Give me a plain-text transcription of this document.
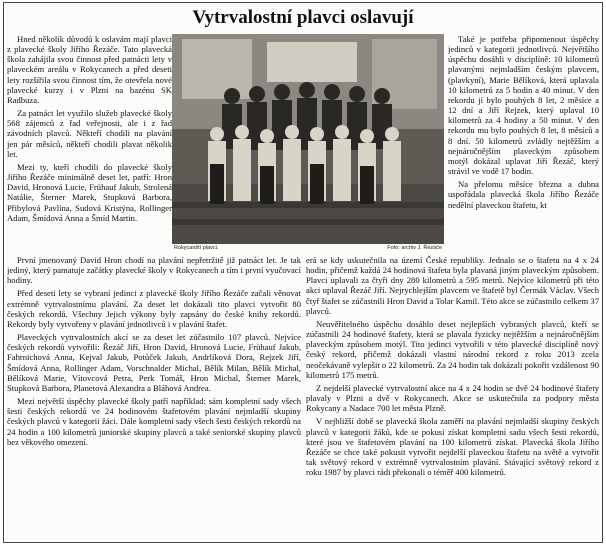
Vytrvalostní plavci oslavují

Hned několik důvodů k oslavám mají plavci z plavecké školy Jiřího Řezáče. Tato plavecká škola zahájila svou činnost před patnácti lety v plaveckém areálu v Rokycanech a před deseti lety rozšířila svou činnost tím, že otevřela nové plavecké kurzy i v Plzni na bazénu SK Radbuza.

Za patnáct let využilo služeb plavecké školy 568 zájemců z řad veřejnosti, ale i z řad závodních plavců. Někteří chodili na plavání jen pár měsíců, někteří chodili plavat několik let.

Mezi ty, kteří chodili do plavecké školy Jiřího Řezáče minimálně deset let, patří: Hron David, Hronová Lucie, Frühauf Jakub, Strolená Natálie, Šterner Marek, Stupková Barbora, Přibylová Pavlína, Sudová Kristýna, Rollinger Adam, Šmídová Anna a Šmíd Martin.

Rokycanští plavci.	Foto: archiv J. Řezáče

Také je potřeba připomenout úspěchy jedinců v kategorii jednotlivců. Největšího úspěchu dosáhli v disciplíně: 10 kilometrů plavanými nejmladším českým plavcem, (plavkyní), Marie Bělíková, která uplavala 10 kilometrů za 5 hodin a 40 minut. V den rekordu jí bylo pouhých 8 let, 2 měsíce a 12 dní a Jiří Rejzek, který uplaval 10 kilometrů za 4 hodiny a 50 minut. V den rekordu mu bylo pouhých 8 let, 8 měsíců a 8 dní. 50 kilometrů zvládly nejtěžším a nejnáročnějším plaveckým způsobem motýl dokázal uplavat Jiří Řezáč, který strávil ve vodě 17 hodin.

Na přelomu měsíce března a dubna uspořádala plavecká škola Jiřího Řezáče nedělní plaveckou štafetu, kt

První jmenovaný David Hron chodí na plavání nepřetržitě již patnáct let. Je tak jediný, který pamatuje začátky plavecké školy v Rokycanech a tím i první vyučovací hodiny.

Před deseti lety se vybraní jedinci z plavecké školy Jiřího Řezáče začali věnovat extrémně vytrvalostnímu plavání. Za deset let dokázali tito plavci vytvořit 80 českých rekordů. Všechny Jejich výkony byly zapsány do české knihy rekordů. Rekordy byly vytvořeny v plavání jednotlivců i v plavání štafet.

Plaveckých vytrvalostních akcí se za deset let zúčastnilo 107 plavců. Nejvíce českých rekordů vytvořili: Řezáč Jiří, Hron David, Hronová Lucie, Frühauf Jakub, Fahrnichová Anna, Kejval Jakub, Potůček Jakub, Andrlíková Dora, Rejzek Jiří, Šmídová Anna, Rollinger Adam, Vorschnalder Michal, Bělík Milan, Bělík Michal, Bělíková Marie, Vítovcová Petra, Perk Tomáš, Hron Michal, Šterner Marek, Stupková Barbora, Planetová Alexandra a Bláhová Andrea.

Mezi největší úspěchy plavecké školy patří například: sám kompletní sady všech šesti českých rekordů ve 24 hodinovém štafetovém plavání nejmladší skupiny českých plavců v kategorii žáci. Dále kompletní sady všech šesti českých rekordů na 24 hodin a 100 kilometrů juniorské skupiny plavců a také seniorské skupiny plavců bez věkového omezení.

erá se kdy uskutečnila na území České republiky. Jednalo se o štafetu na 4 x 24 hodin, přičemž každá 24 hodinová štafeta byla plavaná jiným plaveckým způsobem. Plavci uplavali za čtyři dny 280 kilometrů a 595 metrů. Nejvíce kilometrů při této akci uplaval Řezáč Jiří. Nejrychlejším plavcem ve štafetě byl Čermák Václav. Všech čtyř štafet se zúčastnili Hron David a Tolar Kamil. Této akce se zúčastnilo celkem 37 plavců.

Neuvěřitelného úspěchu dosáhlo deset nejlepších vybraných plavců, kteří se zúčastnili 24 hodinové štafety, která se plavala fyzicky nejtěžším a nejnáročnějším plaveckým způsobem motýl. Tito jedinci vytvořili v této plavecké disciplíně nový český rekord, přičemž dokázali vlastní národní rekord z roku 2013 zcela neočekávaně vylepšit o 22 kilometrů. Za 24 hodin tak dokázali pokořit vzdálenost 90 kilometrů 175 metrů.

Z nejdelší plavecké vytrvalostní akce na 4 x 24 hodin se dvě 24 hodinové štafety plavaly v Plzni a dvě v Rokycanech. Akce se uskutečnila za podpory města Rokycany a Nadace 700 let města Plzně.

V nejbližší době se plavecká škola zaměří na plavání nejmladší skupiny českých plavců v kategorii žáků, kde se pokusí získat kompletní sadu všech šesti rekordů, které jsou ve štafetovém plavání na 100 kilometrů získat. Plavecká škola Jiřího Řezáče se chce také pokusit vytvořit nejdelší plaveckou štafetu na světě a vytvořit tak světový rekord v extrémně vytrvalostním plavání. Stávající světový rekord z roku 1987 by plavci rádi překonali o téměř 400 kilometrů.
